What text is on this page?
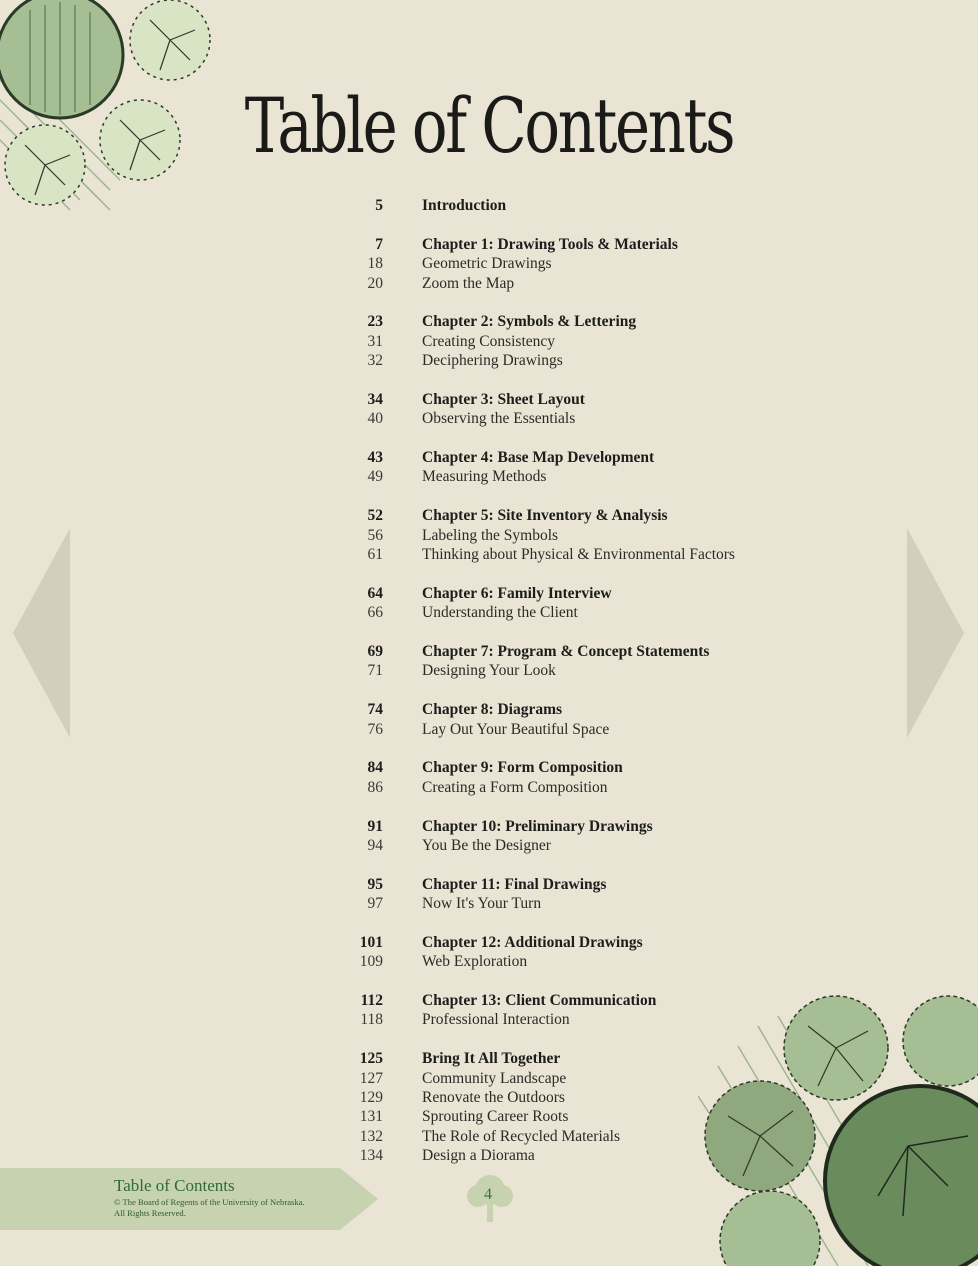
Table of Contents
5	Introduction
7	Chapter 1: Drawing Tools & Materials
18	Geometric Drawings
20	Zoom the Map
23	Chapter 2: Symbols & Lettering
31	Creating Consistency
32	Deciphering Drawings
34	Chapter 3: Sheet Layout
40	Observing the Essentials
43	Chapter 4: Base Map Development
49	Measuring Methods
52	Chapter 5: Site Inventory & Analysis
56	Labeling the Symbols
61	Thinking about Physical & Environmental Factors
64	Chapter 6: Family Interview
66	Understanding the Client
69	Chapter 7: Program & Concept Statements
71	Designing Your Look
74	Chapter 8: Diagrams
76	Lay Out Your Beautiful Space
84	Chapter 9: Form Composition
86	Creating a Form Composition
91	Chapter 10: Preliminary Drawings
94	You Be the Designer
95	Chapter 11: Final Drawings
97	Now It's Your Turn
101	Chapter 12: Additional Drawings
109	Web Exploration
112	Chapter 13: Client Communication
118	Professional Interaction
125	Bring It All Together
127	Community Landscape
129	Renovate the Outdoors
131	Sprouting Career Roots
132	The Role of Recycled Materials
134	Design a Diorama
Table of Contents
© The Board of Regents of the University of Nebraska.
All Rights Reserved.
4
